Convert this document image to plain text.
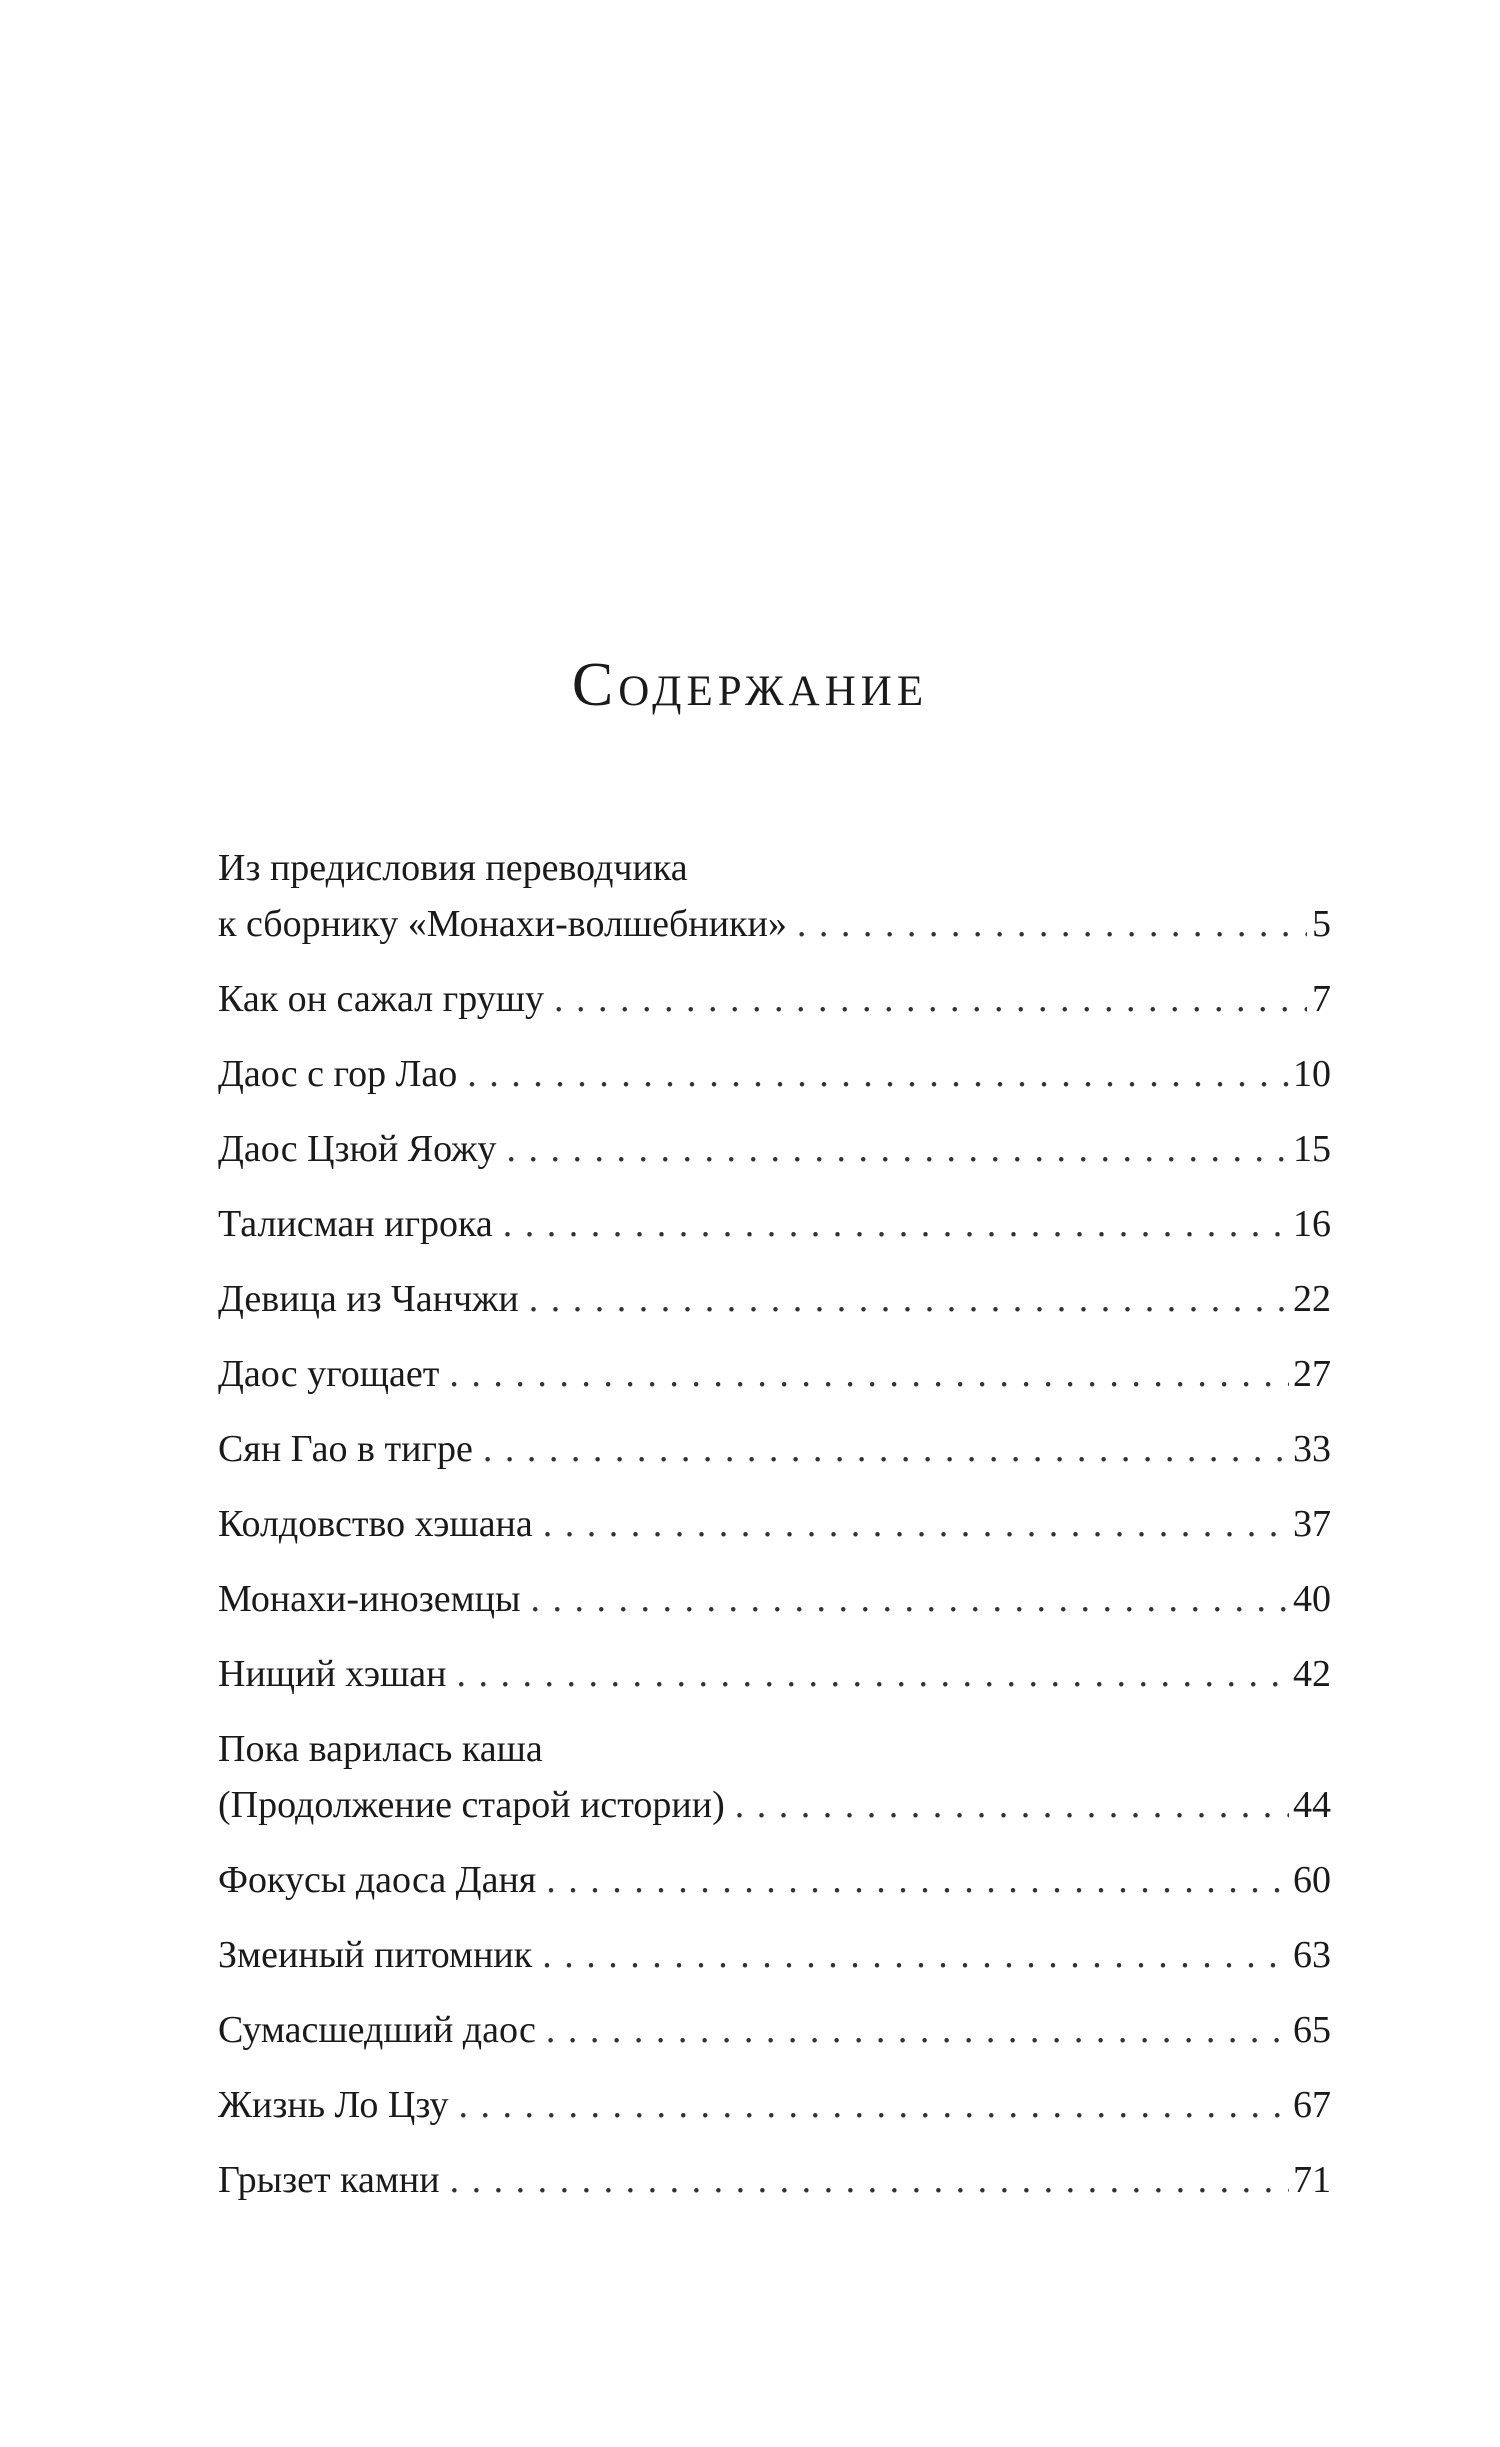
Содержание
Из предисловия переводчика
к сборнику «Монахи-волшебники» . . .	5
Как он сажал грушу . . .	7
Даос с гор Лао . . .	10
Даос Цзюй Яожу . . .	15
Талисман игрока . . .	16
Девица из Чанчжи . . .	22
Даос угощает . . .	27
Сян Гао в тигре . . .	33
Колдовство хэшана . . .	37
Монахи-иноземцы . . .	40
Нищий хэшан . . .	42
Пока варилась каша
(Продолжение старой истории) . . .	44
Фокусы даоса Даня . . .	60
Змеиный питомник . . .	63
Сумасшедший даос . . .	65
Жизнь Ло Цзу . . .	67
Грызет камни . . .	71
